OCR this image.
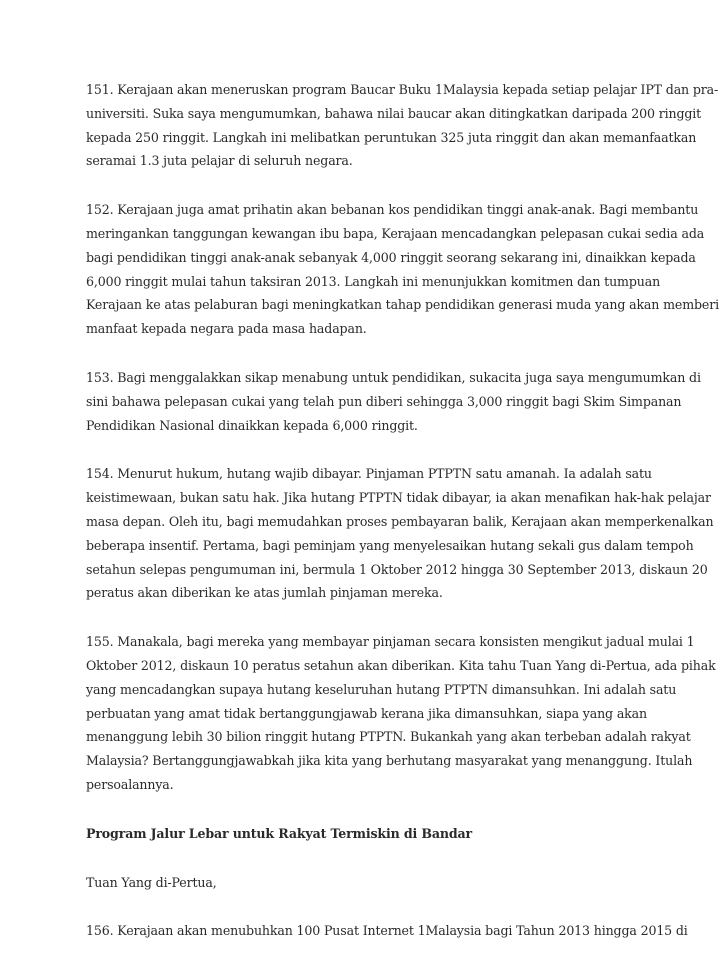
151. Kerajaan akan meneruskan program Baucar Buku 1Malaysia kepada setiap pelajar IPT dan pra-
universiti. Suka saya mengumumkan, bahawa nilai baucar akan ditingkatkan daripada 200 ringgit
kepada 250 ringgit. Langkah ini melibatkan peruntukan 325 juta ringgit dan akan memanfaatkan
seramai 1.3 juta pelajar di seluruh negara.

152. Kerajaan juga amat prihatin akan bebanan kos pendidikan tinggi anak-anak. Bagi membantu
meringankan tanggungan kewangan ibu bapa, Kerajaan mencadangkan pelepasan cukai sedia ada
bagi pendidikan tinggi anak-anak sebanyak 4,000 ringgit seorang sekarang ini, dinaikkan kepada
6,000 ringgit mulai tahun taksiran 2013. Langkah ini menunjukkan komitmen dan tumpuan
Kerajaan ke atas pelaburan bagi meningkatkan tahap pendidikan generasi muda yang akan memberi
manfaat kepada negara pada masa hadapan.

153. Bagi menggalakkan sikap menabung untuk pendidikan, sukacita juga saya mengumumkan di
sini bahawa pelepasan cukai yang telah pun diberi sehingga 3,000 ringgit bagi Skim Simpanan
Pendidikan Nasional dinaikkan kepada 6,000 ringgit.

154. Menurut hukum, hutang wajib dibayar. Pinjaman PTPTN satu amanah. Ia adalah satu
keistimewaan, bukan satu hak. Jika hutang PTPTN tidak dibayar, ia akan menafikan hak-hak pelajar
masa depan. Oleh itu, bagi memudahkan proses pembayaran balik, Kerajaan akan memperkenalkan
beberapa insentif. Pertama, bagi peminjam yang menyelesaikan hutang sekali gus dalam tempoh
setahun selepas pengumuman ini, bermula 1 Oktober 2012 hingga 30 September 2013, diskaun 20
peratus akan diberikan ke atas jumlah pinjaman mereka.

155. Manakala, bagi mereka yang membayar pinjaman secara konsisten mengikut jadual mulai 1
Oktober 2012, diskaun 10 peratus setahun akan diberikan. Kita tahu Tuan Yang di-Pertua, ada pihak
yang mencadangkan supaya hutang keseluruhan hutang PTPTN dimansuhkan. Ini adalah satu
perbuatan yang amat tidak bertanggungjawab kerana jika dimansuhkan, siapa yang akan
menanggung lebih 30 bilion ringgit hutang PTPTN. Bukankah yang akan terbeban adalah rakyat
Malaysia? Bertanggungjawabkah jika kita yang berhutang masyarakat yang menanggung. Itulah
persoalannya.

Program Jalur Lebar untuk Rakyat Termiskin di Bandar

Tuan Yang di-Pertua,

156. Kerajaan akan menubuhkan 100 Pusat Internet 1Malaysia bagi Tahun 2013 hingga 2015 di
